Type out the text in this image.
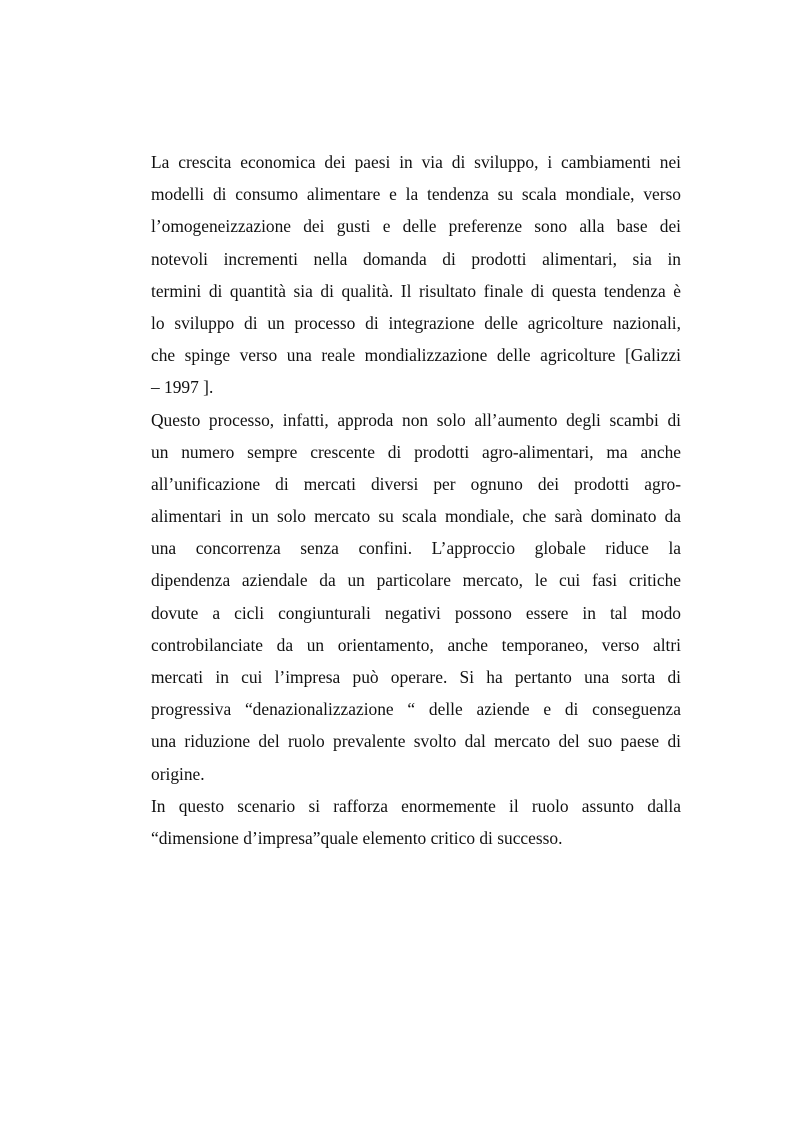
La crescita economica dei paesi in via di sviluppo, i cambiamenti nei
modelli di consumo alimentare e la tendenza su scala mondiale, verso
l’omogeneizzazione dei gusti e delle preferenze sono alla base dei
notevoli incrementi nella domanda di prodotti alimentari, sia in
termini di quantità sia di qualità. Il risultato finale di questa tendenza è
lo sviluppo di un processo di integrazione delle agricolture nazionali,
che spinge verso una reale mondializzazione delle agricolture [Galizzi
– 1997 ].
Questo processo, infatti, approda non solo all’aumento degli scambi di
un numero sempre crescente di prodotti agro-alimentari, ma anche
all’unificazione di mercati diversi per ognuno dei prodotti agro-
alimentari in un solo mercato su scala mondiale, che sarà dominato da
una concorrenza senza confini. L’approccio globale riduce la
dipendenza aziendale da un particolare mercato, le cui fasi critiche
dovute a cicli congiunturali negativi possono essere in tal modo
controbilanciate da un orientamento, anche temporaneo, verso altri
mercati in cui l’impresa può operare. Si ha pertanto una sorta di
progressiva “denazionalizzazione “ delle aziende e di conseguenza
una riduzione del ruolo prevalente svolto dal mercato del suo paese di
origine.
In questo scenario si rafforza enormemente il ruolo assunto dalla
“dimensione d’impresa”quale elemento critico di successo.
